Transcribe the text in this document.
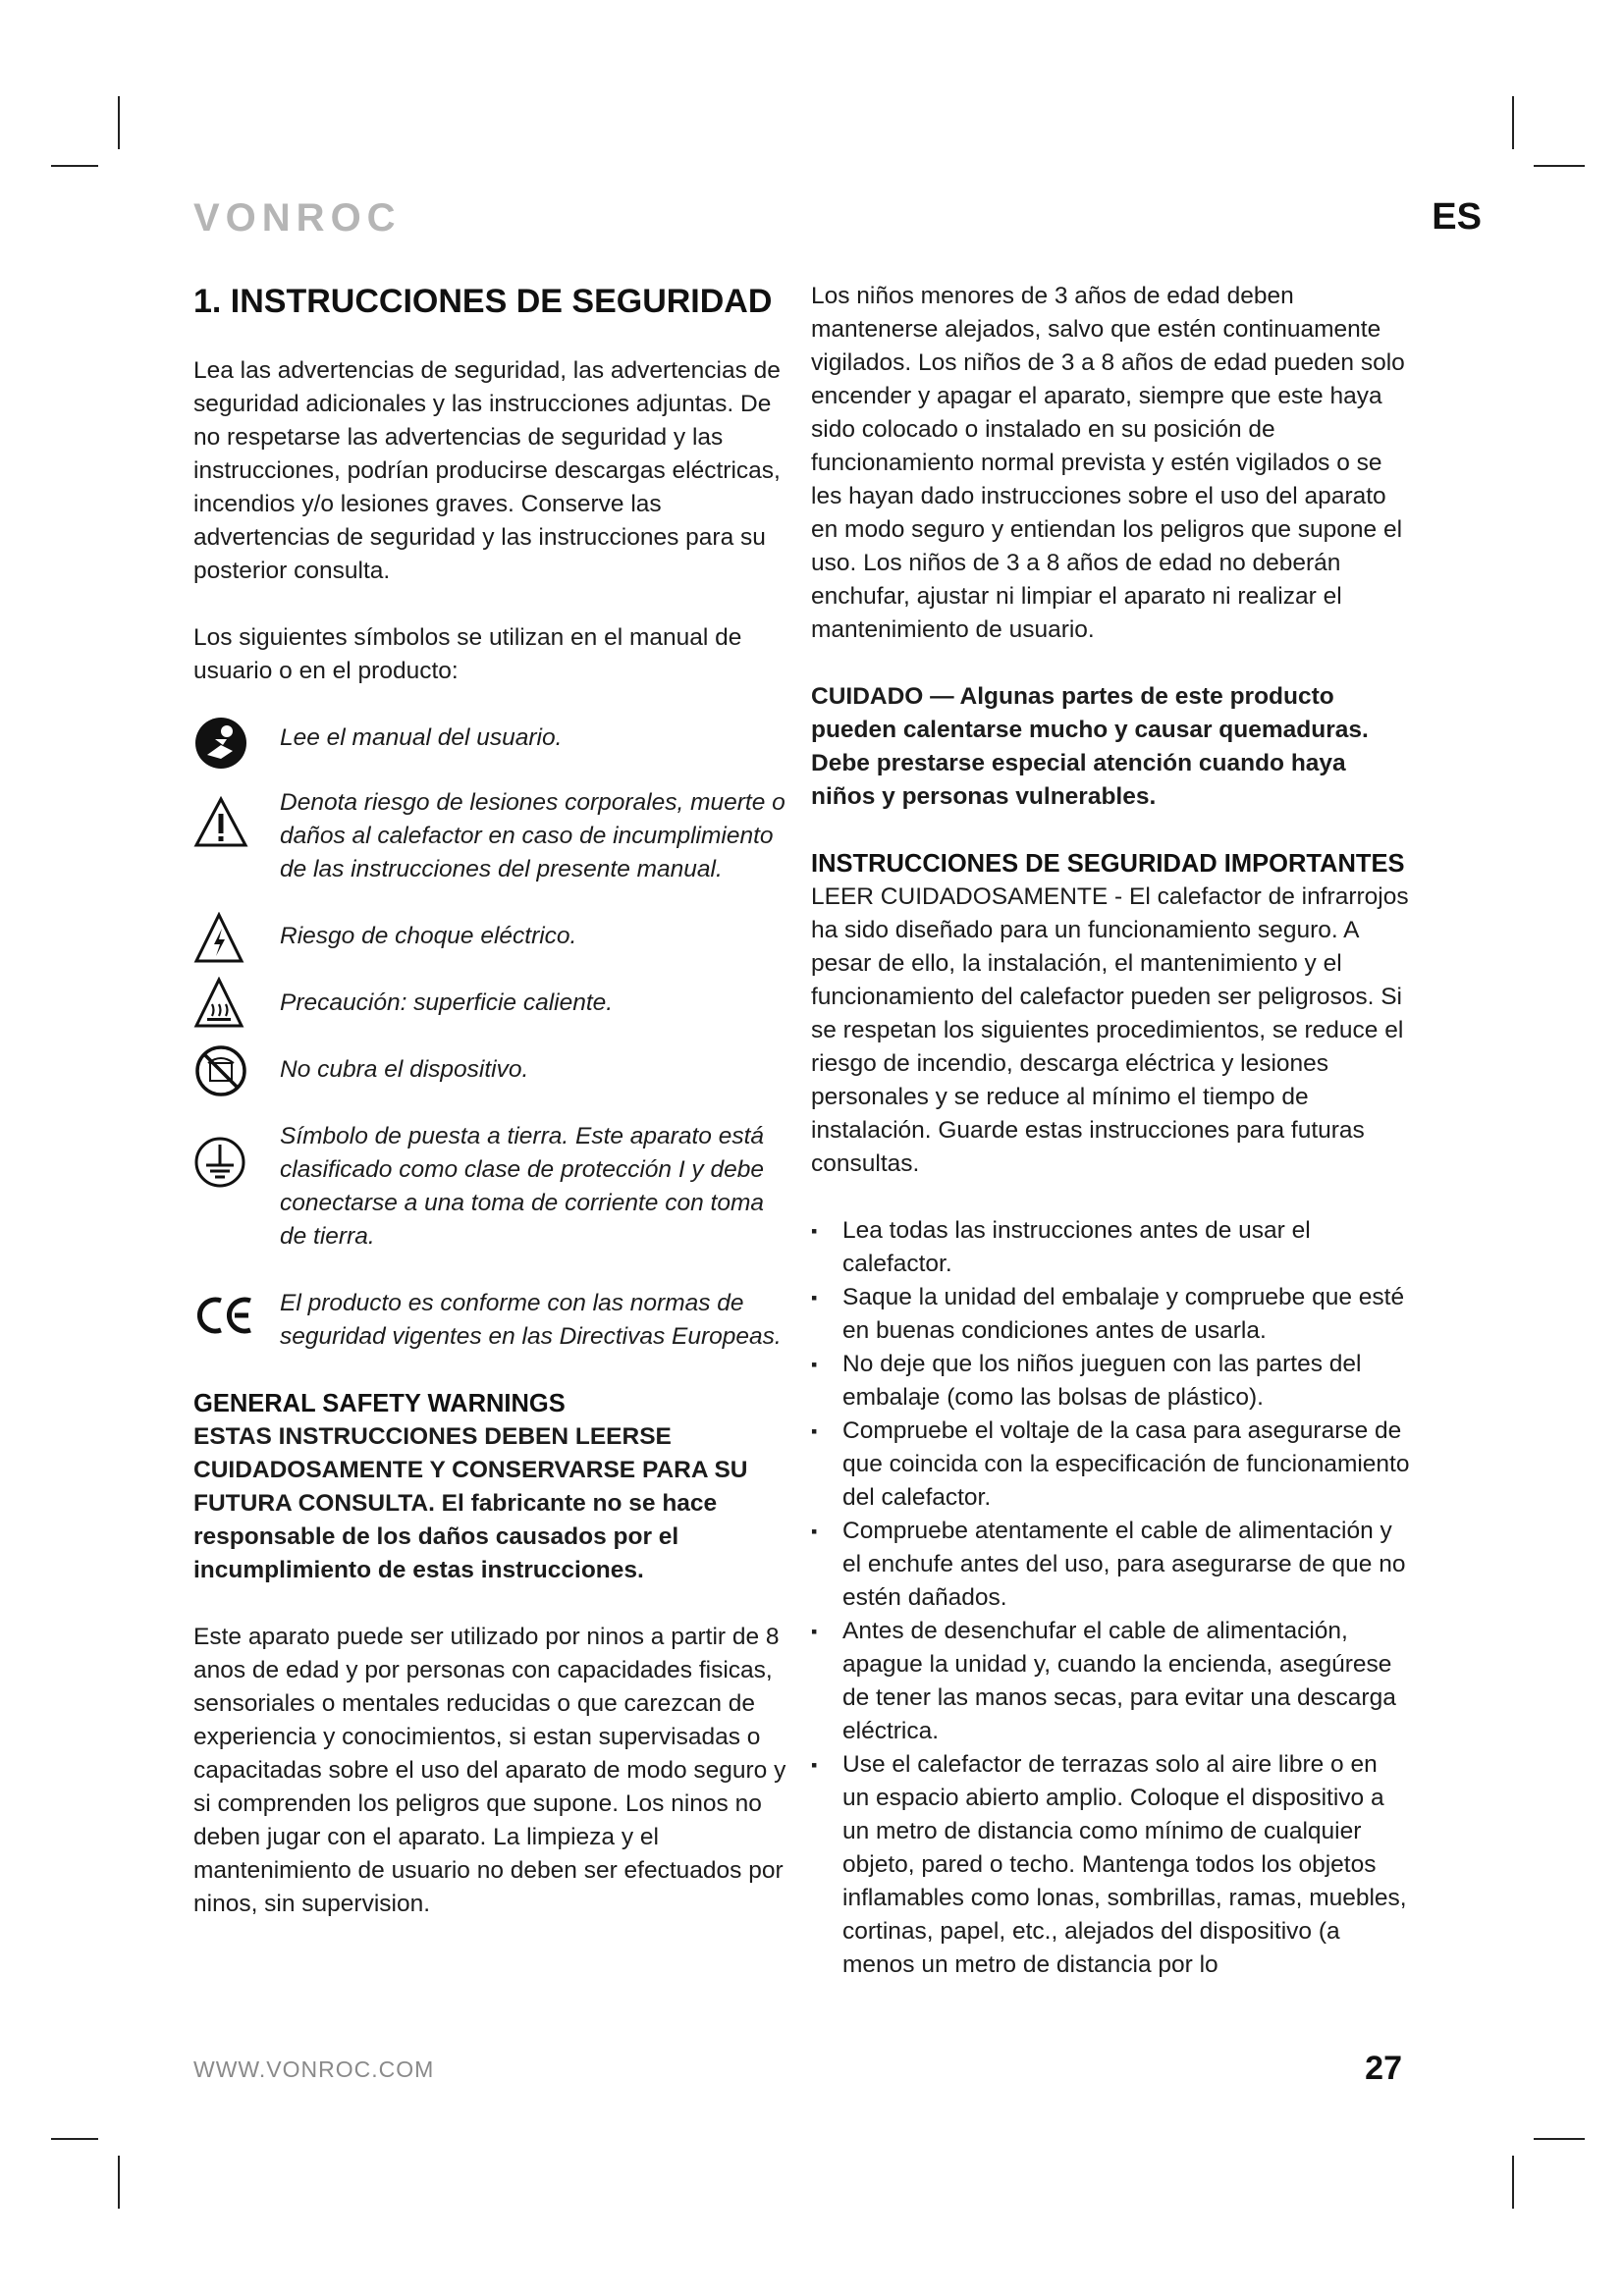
VONROC	ES
1. INSTRUCCIONES DE SEGURIDAD

Lea las advertencias de seguridad, las advertencias de seguridad adicionales y las instrucciones adjuntas. De no respetarse las advertencias de seguridad y las instrucciones, podrían producirse descargas eléctricas, incendios y/o lesiones graves. Conserve las advertencias de seguridad y las instrucciones para su posterior consulta.

Los siguientes símbolos se utilizan en el manual de usuario o en el producto:

Lee el manual del usuario.

Denota riesgo de lesiones corporales, muerte o daños al calefactor en caso de incumplimiento de las instrucciones del presente manual.

Riesgo de choque eléctrico.

Precaución: superficie caliente.

No cubra el dispositivo.

Símbolo de puesta a tierra. Este aparato está clasificado como clase de protección I y debe conectarse a una toma de corriente con toma de tierra.

El producto es conforme con las normas de seguridad vigentes en las Directivas Europeas.

GENERAL SAFETY WARNINGS

ESTAS INSTRUCCIONES DEBEN LEERSE CUIDADOSAMENTE Y CONSERVARSE PARA SU FUTURA CONSULTA. El fabricante no se hace responsable de los daños causados por el incumplimiento de estas instrucciones.

Este aparato puede ser utilizado por ninos a partir de 8 anos de edad y por personas con capacidades fisicas, sensoriales o mentales reducidas o que carezcan de experiencia y conocimientos, si estan supervisadas o capacitadas sobre el uso del aparato de modo seguro y si comprenden los peligros que supone. Los ninos no deben jugar con el aparato. La limpieza y el mantenimiento de usuario no deben ser efectuados por ninos, sin supervision.

Los niños menores de 3 años de edad deben mantenerse alejados, salvo que estén continuamente vigilados. Los niños de 3 a 8 años de edad pueden solo encender y apagar el aparato, siempre que este haya sido colocado o instalado en su posición de funcionamiento normal prevista y estén vigilados o se les hayan dado instrucciones sobre el uso del aparato en modo seguro y entiendan los peligros que supone el uso. Los niños de 3 a 8 años de edad no deberán enchufar, ajustar ni limpiar el aparato ni realizar el mantenimiento de usuario.

CUIDADO — Algunas partes de este producto pueden calentarse mucho y causar quemaduras. Debe prestarse especial atención cuando haya niños y personas vulnerables.

INSTRUCCIONES DE SEGURIDAD IMPORTANTES

LEER CUIDADOSAMENTE - El calefactor de infrarrojos ha sido diseñado para un funcionamiento seguro. A pesar de ello, la instalación, el mantenimiento y el funcionamiento del calefactor pueden ser peligrosos. Si se respetan los siguientes procedimientos, se reduce el riesgo de incendio, descarga eléctrica y lesiones personales y se reduce al mínimo el tiempo de instalación. Guarde estas instrucciones para futuras consultas.

▪ Lea todas las instrucciones antes de usar el calefactor.
▪ Saque la unidad del embalaje y compruebe que esté en buenas condiciones antes de usarla.
▪ No deje que los niños jueguen con las partes del embalaje (como las bolsas de plástico).
▪ Compruebe el voltaje de la casa para asegurarse de que coincida con la especificación de funcionamiento del calefactor.
▪ Compruebe atentamente el cable de alimentación y el enchufe antes del uso, para asegurarse de que no estén dañados.
▪ Antes de desenchufar el cable de alimentación, apague la unidad y, cuando la encienda, asegúrese de tener las manos secas, para evitar una descarga eléctrica.
▪ Use el calefactor de terrazas solo al aire libre o en un espacio abierto amplio. Coloque el dispositivo a un metro de distancia como mínimo de cualquier objeto, pared o techo. Mantenga todos los objetos inflamables como lonas, sombrillas, ramas, muebles, cortinas, papel, etc., alejados del dispositivo (a menos un metro de distancia por lo
WWW.VONROC.COM	27
